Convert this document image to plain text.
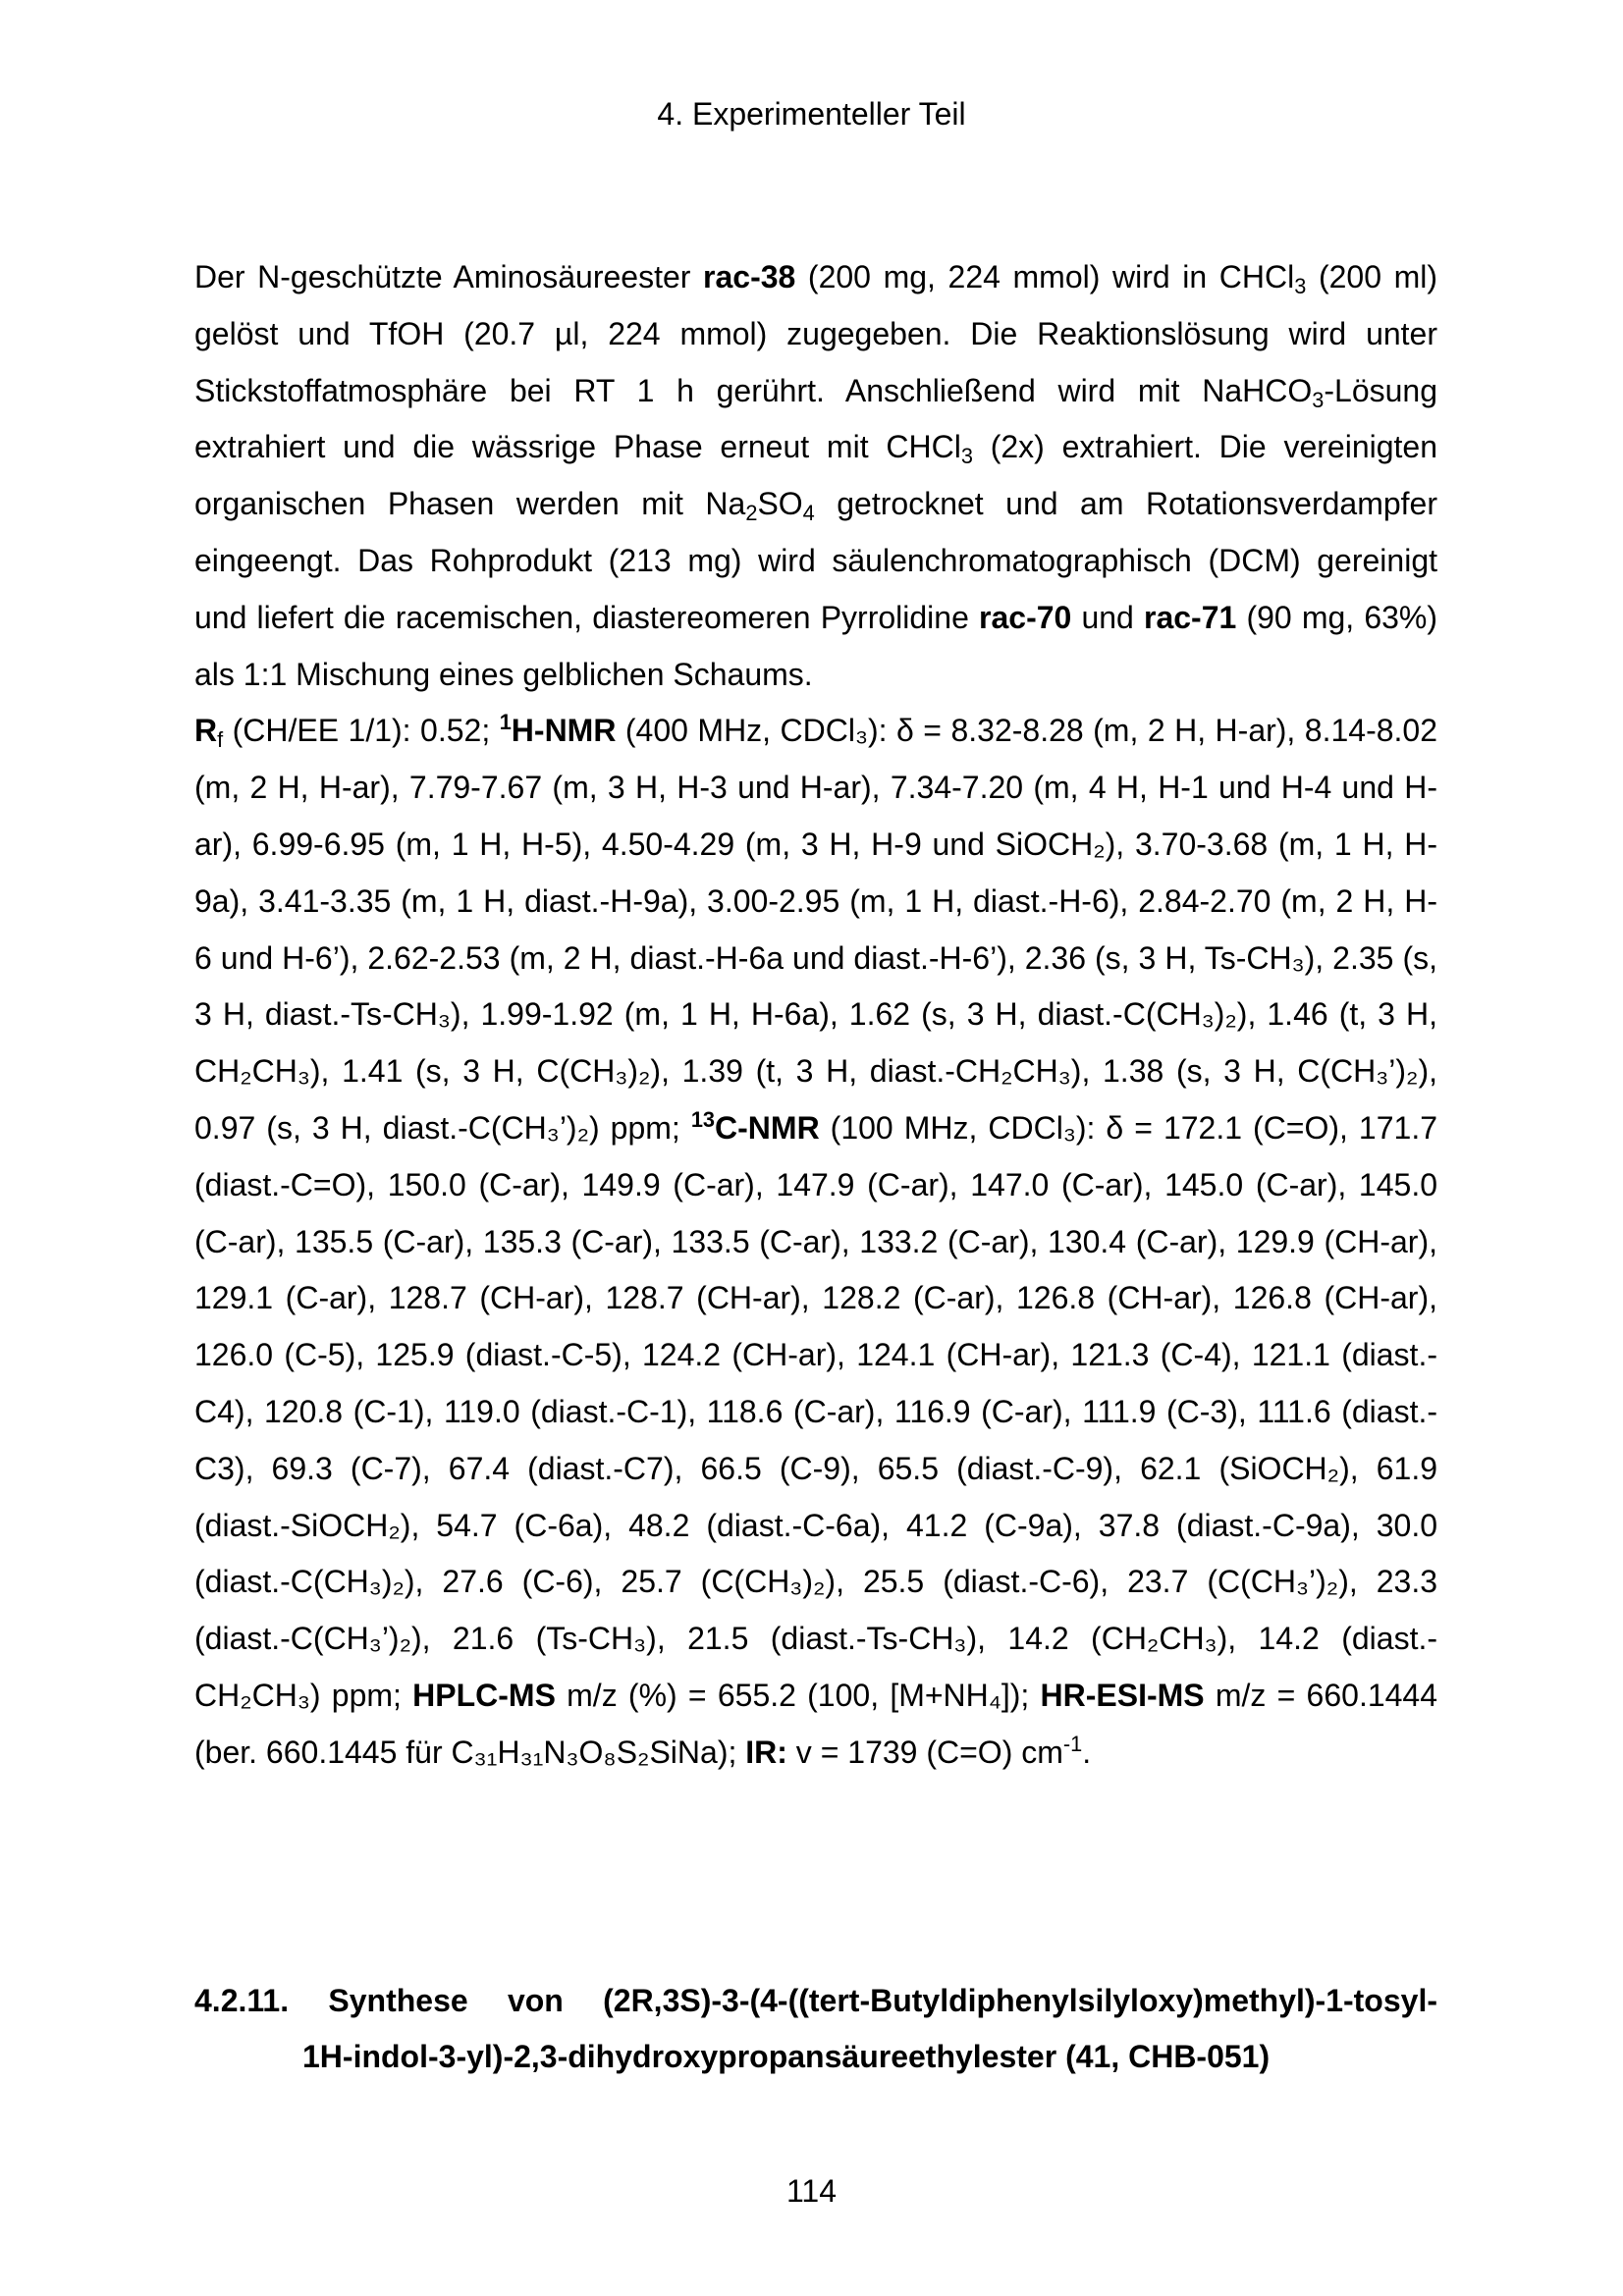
4. Experimenteller Teil

Der N-geschützte Aminosäureester rac-38 (200 mg, 224 mmol) wird in CHCl$_3$ (200 ml) gelöst und TfOH (20.7 µl, 224 mmol) zugegeben. Die Reaktionslösung wird unter Stickstoffatmosphäre bei RT 1 h gerührt. Anschließend wird mit NaHCO$_3$-Lösung extrahiert und die wässrige Phase erneut mit CHCl$_3$ (2x) extrahiert. Die vereinigten organischen Phasen werden mit $Na_2SO_4$ getrocknet und am Rotationsverdampfer eingeengt. Das Rohprodukt (213 mg) wird säulenchromatographisch (DCM) gereinigt und liefert die racemischen, diastereomeren Pyrrolidine rac-70 und rac-71 (90 mg, 63%) als 1:1 Mischung eines gelblichen Schaums.

$R_f$ (CH/EE 1/1): 0.52; $^1$H-NMR (400 MHz, CDCl₃): δ = 8.32-8.28 (m, 2 H, H-ar), 8.14-8.02 (m, 2 H, H-ar), 7.79-7.67 (m, 3 H, H-3 und H-ar), 7.34-7.20 (m, 4 H, H-1 und H-4 und H-ar), 6.99-6.95 (m, 1 H, H-5), 4.50-4.29 (m, 3 H, H-9 und SiOCH₂), 3.70-3.68 (m, 1 H, H-9a), 3.41-3.35 (m, 1 H, diast.-H-9a), 3.00-2.95 (m, 1 H, diast.-H-6), 2.84-2.70 (m, 2 H, H-6 und H-6’), 2.62-2.53 (m, 2 H, diast.-H-6a und diast.-H-6’), 2.36 (s, 3 H, Ts-CH₃), 2.35 (s, 3 H, diast.-Ts-CH₃), 1.99-1.92 (m, 1 H, H-6a), 1.62 (s, 3 H, diast.-C(CH₃)₂), 1.46 (t, 3 H, CH₂CH₃), 1.41 (s, 3 H, C(CH₃)₂), 1.39 (t, 3 H, diast.-CH₂CH₃), 1.38 (s, 3 H, C(CH₃’)₂), 0.97 (s, 3 H, diast.-C(CH₃’)₂) ppm; $^{13}$C-NMR (100 MHz, CDCl₃): δ = 172.1 (C=O), 171.7 (diast.-C=O), 150.0 (C-ar), 149.9 (C-ar), 147.9 (C-ar), 147.0 (C-ar), 145.0 (C-ar), 145.0 (C-ar), 135.5 (C-ar), 135.3 (C-ar), 133.5 (C-ar), 133.2 (C-ar), 130.4 (C-ar), 129.9 (CH-ar), 129.1 (C-ar), 128.7 (CH-ar), 128.7 (CH-ar), 128.2 (C-ar), 126.8 (CH-ar), 126.8 (CH-ar), 126.0 (C-5), 125.9 (diast.-C-5), 124.2 (CH-ar), 124.1 (CH-ar), 121.3 (C-4), 121.1 (diast.-C4), 120.8 (C-1), 119.0 (diast.-C-1), 118.6 (C-ar), 116.9 (C-ar), 111.9 (C-3), 111.6 (diast.-C3), 69.3 (C-7), 67.4 (diast.-C7), 66.5 (C-9), 65.5 (diast.-C-9), 62.1 (SiOCH₂), 61.9 (diast.-SiOCH₂), 54.7 (C-6a), 48.2 (diast.-C-6a), 41.2 (C-9a), 37.8 (diast.-C-9a), 30.0 (diast.-C(CH₃)₂), 27.6 (C-6), 25.7 (C(CH₃)₂), 25.5 (diast.-C-6), 23.7 (C(CH₃’)₂), 23.3 (diast.-C(CH₃’)₂), 21.6 (Ts-CH₃), 21.5 (diast.-Ts-CH₃), 14.2 (CH₂CH₃), 14.2 (diast.-CH₂CH₃) ppm; HPLC-MS m/z (%) = 655.2 (100, [M+NH₄]); HR-ESI-MS m/z = 660.1444 (ber. 660.1445 für C₃₁H₃₁N₃O₈S₂SiNa); IR: v = 1739 (C=O) $cm^{-1}$.

4.2.11. Synthese von (2R,3S)-3-(4-((tert-Butyldiphenylsilyloxy)methyl)-1-tosyl-
1H-indol-3-yl)-2,3-dihydroxypropansäureethylester (41, CHB-051)
114
